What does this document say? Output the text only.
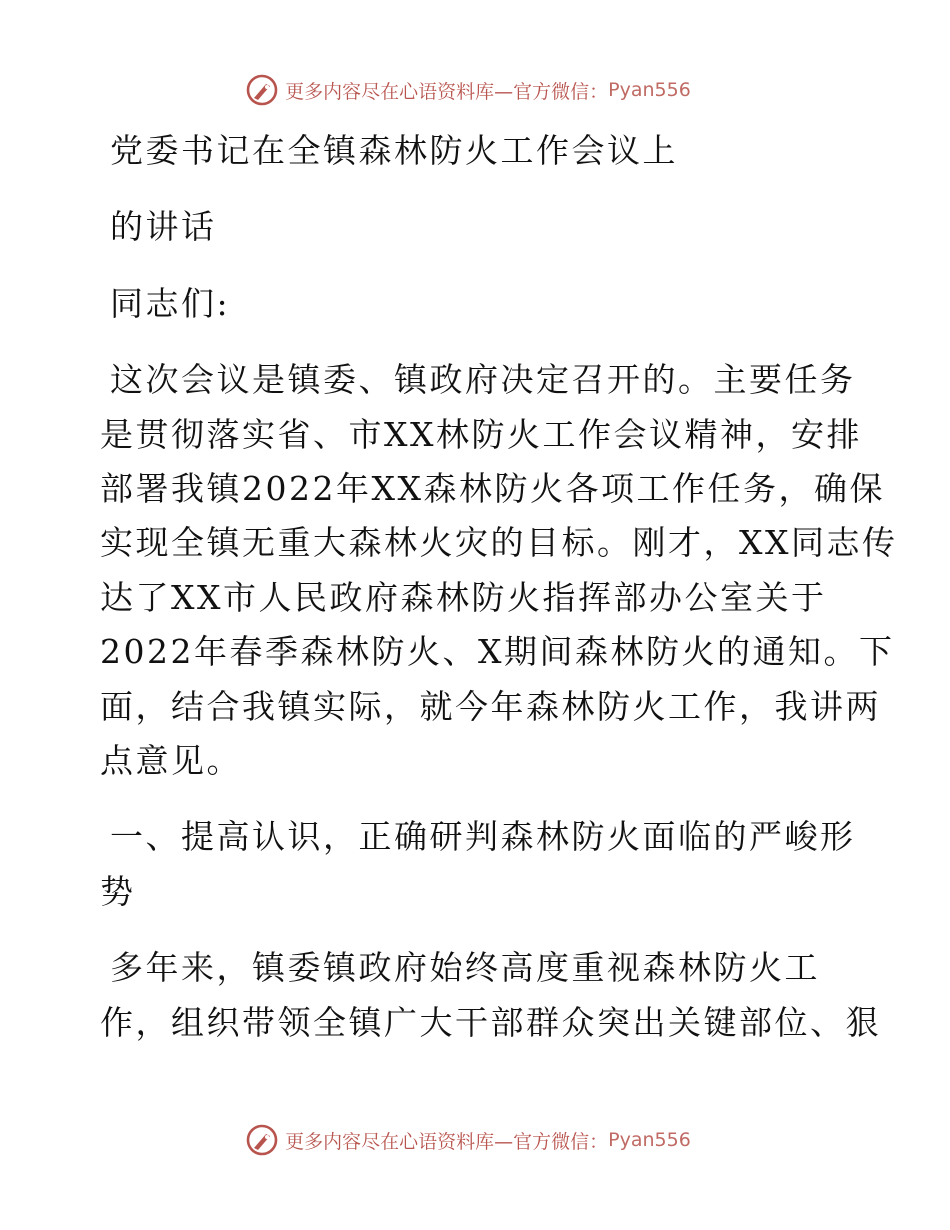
更多内容尽在心语资料库—官方微信： Pyan556

党委书记在全镇森林防火工作会议上

的讲话

同志们:

这次会议是镇委、镇政府决定召开的。主要任务

是贯彻落实省、市XX林防火工作会议精神，安排

部署我镇2022年XX森林防火各项工作任务，确保

实现全镇无重大森林火灾的目标。刚才，XX同志传

达了XX市人民政府森林防火指挥部办公室关于

2022年春季森林防火、X期间森林防火的通知。下

面，结合我镇实际，就今年森林防火工作，我讲两

点意见。

一、提高认识，正确研判森林防火面临的严峻形

势

多年来，镇委镇政府始终高度重视森林防火工

作，组织带领全镇广大干部群众突出关键部位、狠

更多内容尽在心语资料库—官方微信： Pyan556
